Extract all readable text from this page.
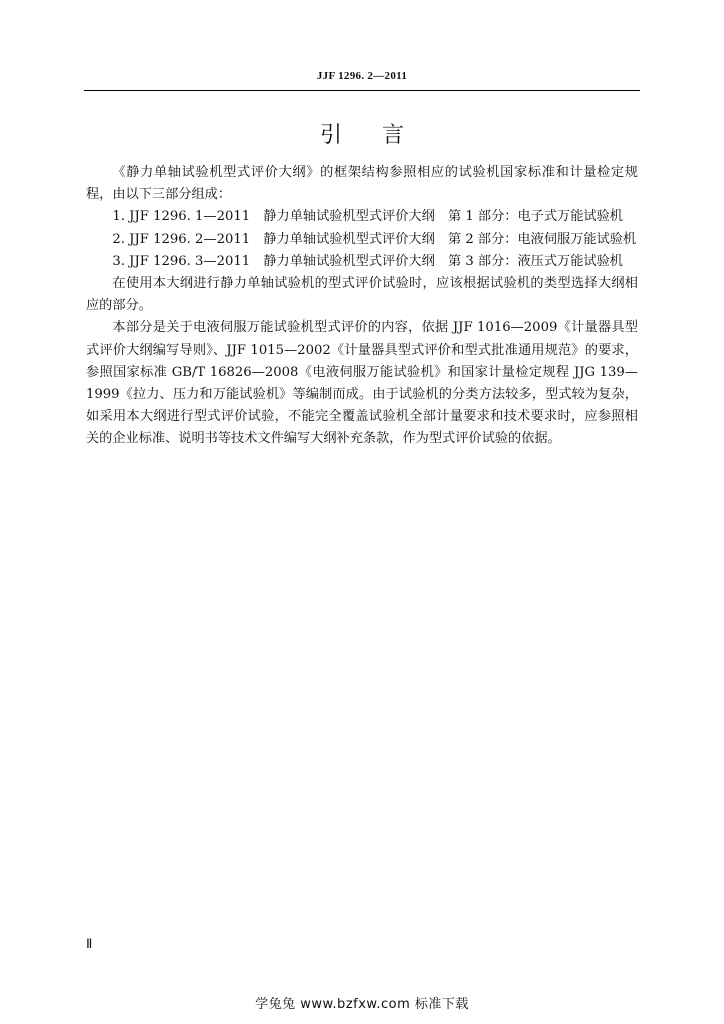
JJF 1296. 2—2011
引言

《静力单轴试验机型式评价大纲》的框架结构参照相应的试验机国家标准和计量检定规程，由以下三部分组成：

1. JJF 1296. 1—2011　静力单轴试验机型式评价大纲　第 1 部分：电子式万能试验机

2. JJF 1296. 2—2011　静力单轴试验机型式评价大纲　第 2 部分：电液伺服万能试验机

3. JJF 1296. 3—2011　静力单轴试验机型式评价大纲　第 3 部分：液压式万能试验机

在使用本大纲进行静力单轴试验机的型式评价试验时，应该根据试验机的类型选择大纲相应的部分。

本部分是关于电液伺服万能试验机型式评价的内容，依据 JJF 1016—2009《计量器具型式评价大纲编写导则》、JJF 1015—2002《计量器具型式评价和型式批准通用规范》的要求，参照国家标准 GB/T 16826—2008《电液伺服万能试验机》和国家计量检定规程 JJG 139—1999《拉力、压力和万能试验机》等编制而成。由于试验机的分类方法较多，型式较为复杂，如采用本大纲进行型式评价试验，不能完全覆盖试验机全部计量要求和技术要求时，应参照相关的企业标准、说明书等技术文件编写大纲补充条款，作为型式评价试验的依据。

Ⅱ
学兔兔 www.bzfxw.com 标准下载
